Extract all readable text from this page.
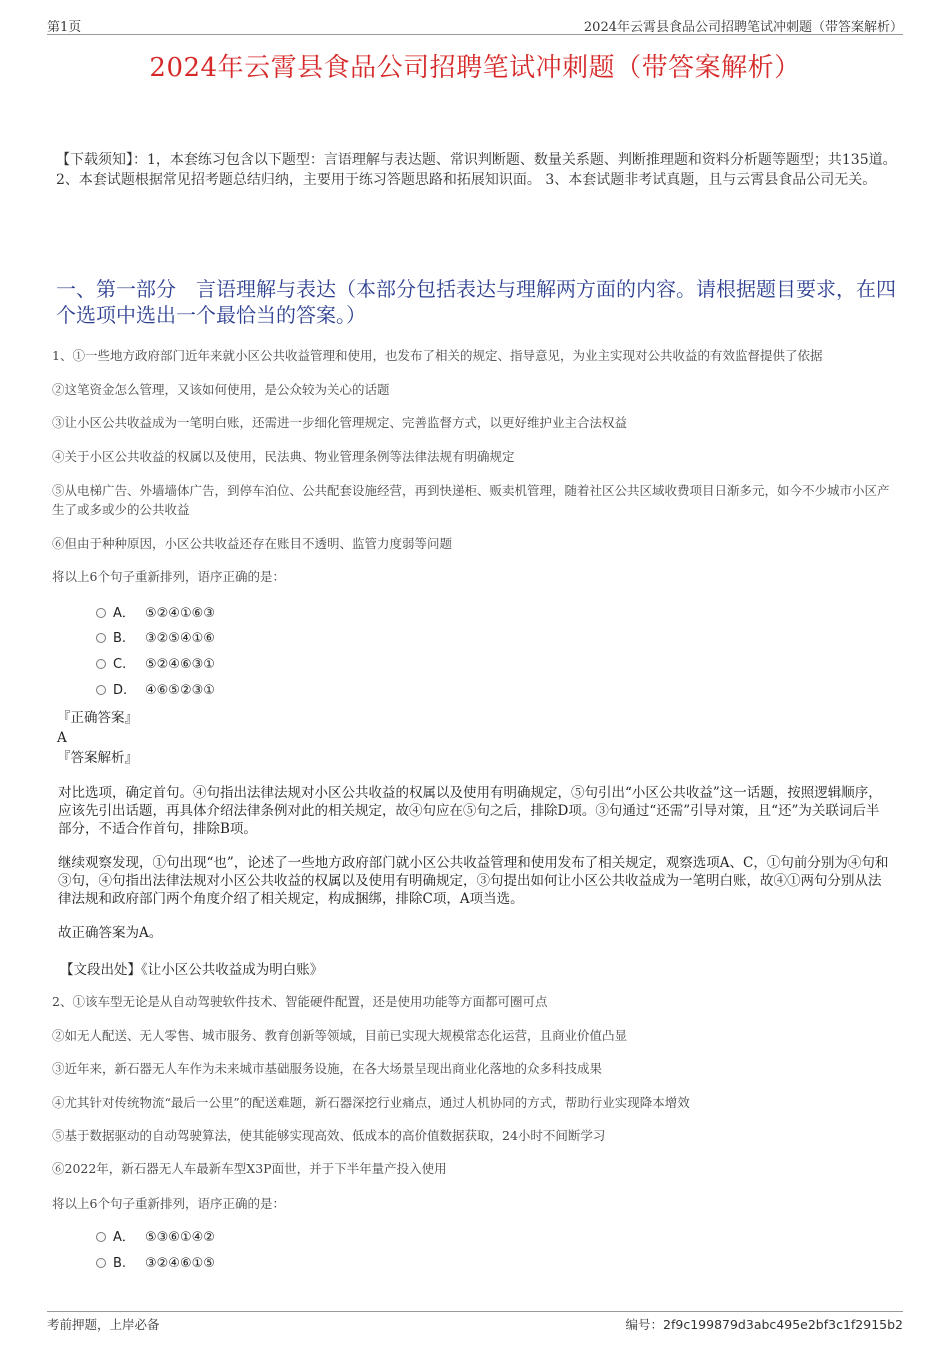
第1页	2024年云霄县食品公司招聘笔试冲刺题（带答案解析）
2024年云霄县食品公司招聘笔试冲刺题（带答案解析）
【下载须知】：1，本套练习包含以下题型：言语理解与表达题、常识判断题、数量关系题、判断推理题和资料分析题等题型；共135道。 2、本套试题根据常见招考题总结归纳，主要用于练习答题思路和拓展知识面。 3、本套试题非考试真题，且与云霄县食品公司无关。
一、第一部分　言语理解与表达（本部分包括表达与理解两方面的内容。请根据题目要求，在四个选项中选出一个最恰当的答案。）
1、①一些地方政府部门近年来就小区公共收益管理和使用，也发布了相关的规定、指导意见，为业主实现对公共收益的有效监督提供了依据
②这笔资金怎么管理，又该如何使用，是公众较为关心的话题
③让小区公共收益成为一笔明白账，还需进一步细化管理规定、完善监督方式，以更好维护业主合法权益
④关于小区公共收益的权属以及使用，民法典、物业管理条例等法律法规有明确规定
⑤从电梯广告、外墙墙体广告，到停车泊位、公共配套设施经营，再到快递柜、贩卖机管理，随着社区公共区域收费项目日渐多元，如今不少城市小区产生了或多或少的公共收益
⑥但由于种种原因，小区公共收益还存在账目不透明、监管力度弱等问题
将以上6个句子重新排列，语序正确的是：
A． ⑤②④①⑥③
B. ③②⑤④①⑥
C. ⑤②④⑥③①
D. ④⑥⑤②③①
『正确答案』
A
『答案解析』
对比选项，确定首句。④句指出法律法规对小区公共收益的权属以及使用有明确规定，⑤句引出“小区公共收益”这一话题，按照逻辑顺序，应该先引出话题，再具体介绍法律条例对此的相关规定，故④句应在⑤句之后，排除D项。③句通过“还需”引导对策，且“还”为关联词后半部分，不适合作首句，排除B项。
继续观察发现，①句出现“也”，论述了一些地方政府部门就小区公共收益管理和使用发布了相关规定，观察选项A、C，①句前分别为④句和③句，④句指出法律法规对小区公共收益的权属以及使用有明确规定，③句提出如何让小区公共收益成为一笔明白账，故④①两句分别从法律法规和政府部门两个角度介绍了相关规定，构成捆绑，排除C项，A项当选。
故正确答案为A。
【文段出处】《让小区公共收益成为明白账》
2、①该车型无论是从自动驾驶软件技术、智能硬件配置，还是使用功能等方面都可圈可点
②如无人配送、无人零售、城市服务、教育创新等领域，目前已实现大规模常态化运营，且商业价值凸显
③近年来，新石器无人车作为未来城市基础服务设施，在各大场景呈现出商业化落地的众多科技成果
④尤其针对传统物流“最后一公里”的配送难题，新石器深挖行业痛点，通过人机协同的方式，帮助行业实现降本增效
⑤基于数据驱动的自动驾驶算法，使其能够实现高效、低成本的高价值数据获取，24小时不间断学习
⑥2022年，新石器无人车最新车型X3P面世，并于下半年量产投入使用
将以上6个句子重新排列，语序正确的是：
A． ⑤③⑥①④②
B. ③②④⑥①⑤
考前押题，上岸必备	编号：2f9c199879d3abc495e2bf3c1f2915b2
